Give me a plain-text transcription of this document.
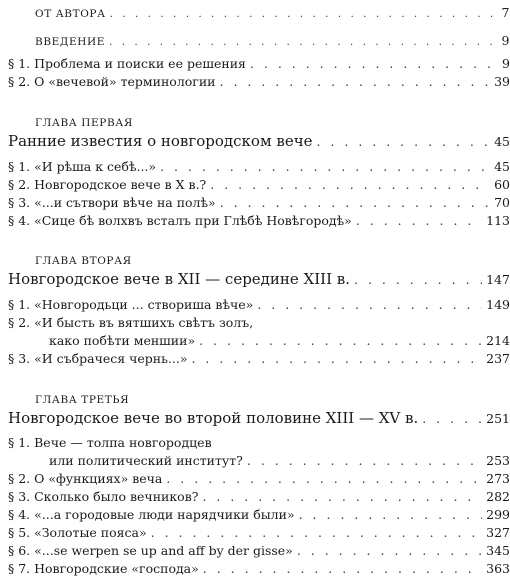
ОТ АВТОРА . . .	7
ВВЕДЕНИЕ . . .	9
§ 1. Проблема и поиски ее решения . . .	9
§ 2. О «вечевой» терминологии . . .	39
ГЛАВА ПЕРВАЯ
Ранние известия о новгородском вече . . .	45
§ 1. «И рѣша к себѣ...» . . .	45
§ 2. Новгородское вече в X в.? . . .	60
§ 3. «...и сътвори вѣче на полѣ» . . .	70
§ 4. «Сице бѣ волхвъ всталъ при Глѣбѣ Новѣгородѣ» . . .	113
ГЛАВА ВТОРАЯ
Новгородское вече в XII — середине XIII в. . . .	147
§ 1. «Новгородьци ... створиша вѣче» . . .	149
§ 2. «И бысть въ вятшихъ свѣтъ золъ,
како побѣти меншии» . . .	214
§ 3. «И събрачеся чернь...» . . .	237
ГЛАВА ТРЕТЬЯ
Новгородское вече во второй половине XIII — XV в. . . .	251
§ 1. Вече — толпа новгородцев
или политический институт? . . .	253
§ 2. О «функциях» веча . . .	273
§ 3. Сколько было вечников? . . .	282
§ 4. «...а городовые люди нарядчики были» . . .	299
§ 5. «Золотые пояса» . . .	327
§ 6. «...se werpen se up and aff by der gisse» . . .	345
§ 7. Новгородские «господа» . . .	363
